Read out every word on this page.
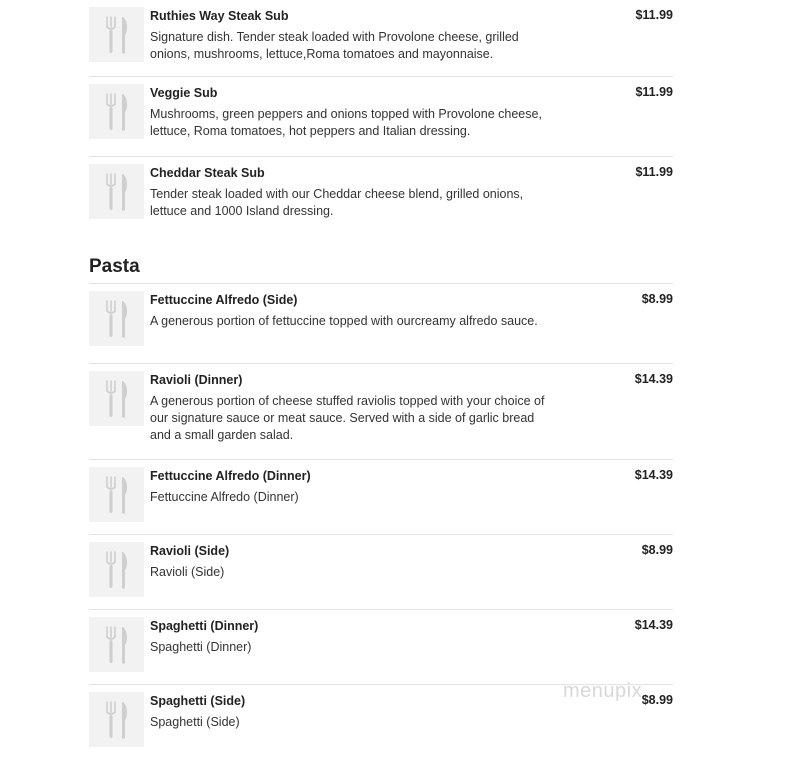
Ruthies Way Steak Sub
Signature dish. Tender steak loaded with Provolone cheese, grilled onions, mushrooms, lettuce,Roma tomatoes and mayonnaise.
$11.99
Veggie Sub
Mushrooms, green peppers and onions topped with Provolone cheese, lettuce, Roma tomatoes, hot peppers and Italian dressing.
$11.99
Cheddar Steak Sub
Tender steak loaded with our Cheddar cheese blend, grilled onions, lettuce and 1000 Island dressing.
$11.99
Pasta
Fettuccine Alfredo (Side)
A generous portion of fettuccine topped with ourcreamy alfredo sauce.
$8.99
Ravioli (Dinner)
A generous portion of cheese stuffed raviolis topped with your choice of our signature sauce or meat sauce. Served with a side of garlic bread and a small garden salad.
$14.39
Fettuccine Alfredo (Dinner)
Fettuccine Alfredo (Dinner)
$14.39
Ravioli (Side)
Ravioli (Side)
$8.99
Spaghetti (Dinner)
Spaghetti (Dinner)
$14.39
Spaghetti (Side)
Spaghetti (Side)
$8.99
menupix
